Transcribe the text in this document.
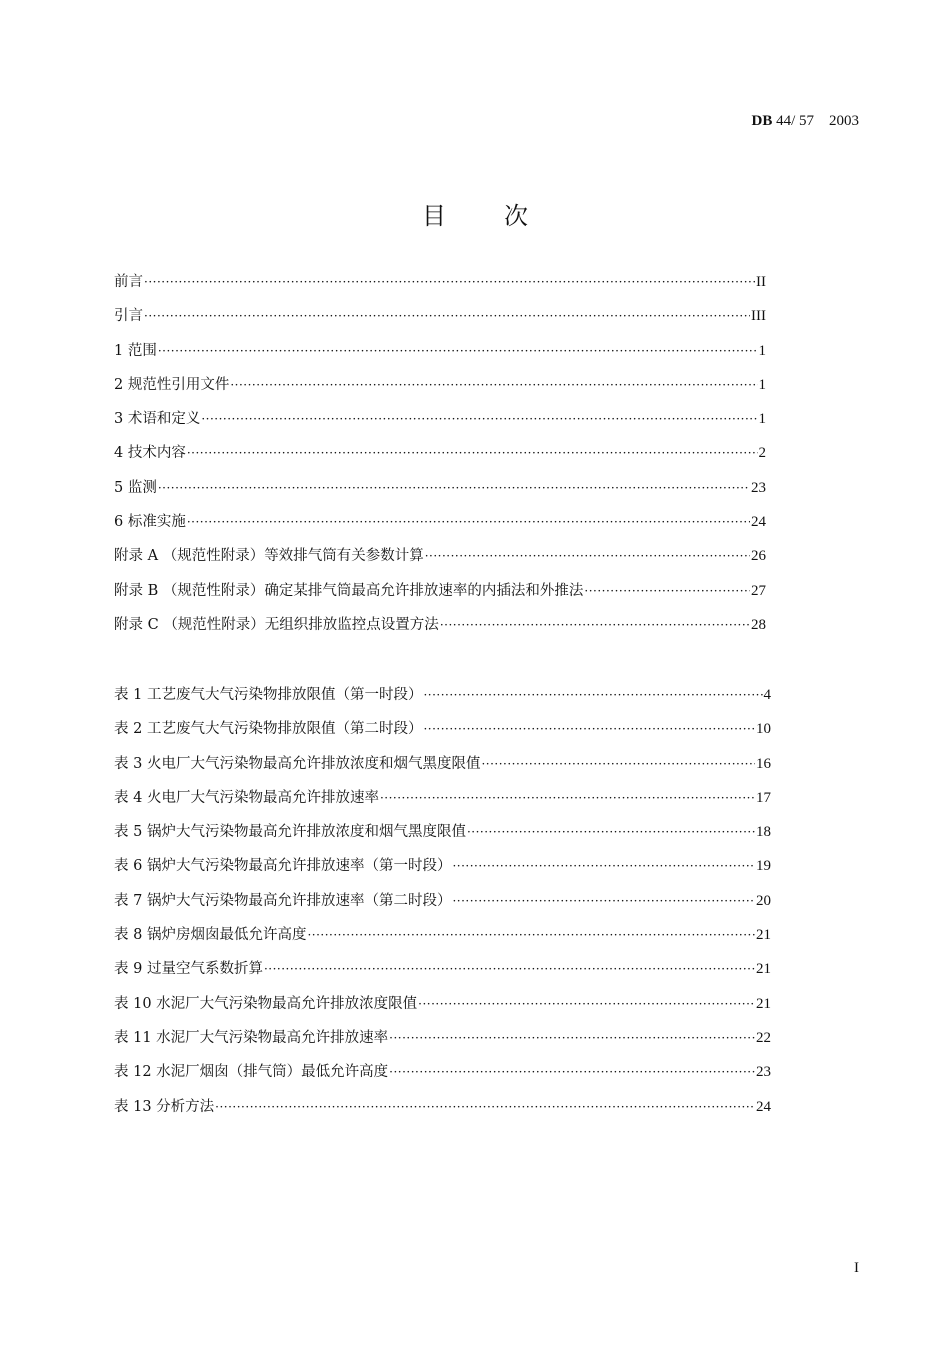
DB 44/ 57    2003
目次
前言 ·····	II
引言 ·····	III
1 范围 ·····	1
2 规范性引用文件 ·····	1
3 术语和定义 ·····	1
4 技术内容 ·····	2
5 监测 ·····	23
6 标准实施 ·····	24
附录 A （规范性附录）等效排气筒有关参数计算 ·····	26
附录 B （规范性附录）确定某排气筒最高允许排放速率的内插法和外推法 ·····	27
附录 C （规范性附录）无组织排放监控点设置方法 ·····	28
表 1 工艺废气大气污染物排放限值（第一时段） ·····	4
表 2 工艺废气大气污染物排放限值（第二时段） ·····	10
表 3 火电厂大气污染物最高允许排放浓度和烟气黑度限值 ·····	16
表 4 火电厂大气污染物最高允许排放速率 ·····	17
表 5 锅炉大气污染物最高允许排放浓度和烟气黑度限值 ·····	18
表 6 锅炉大气污染物最高允许排放速率（第一时段） ·····	19
表 7 锅炉大气污染物最高允许排放速率（第二时段） ·····	20
表 8 锅炉房烟囱最低允许高度 ·····	21
表 9 过量空气系数折算 ·····	21
表 10 水泥厂大气污染物最高允许排放浓度限值 ·····	21
表 11 水泥厂大气污染物最高允许排放速率 ·····	22
表 12 水泥厂烟囱（排气筒）最低允许高度 ·····	23
表 13 分析方法 ·····	24
I
